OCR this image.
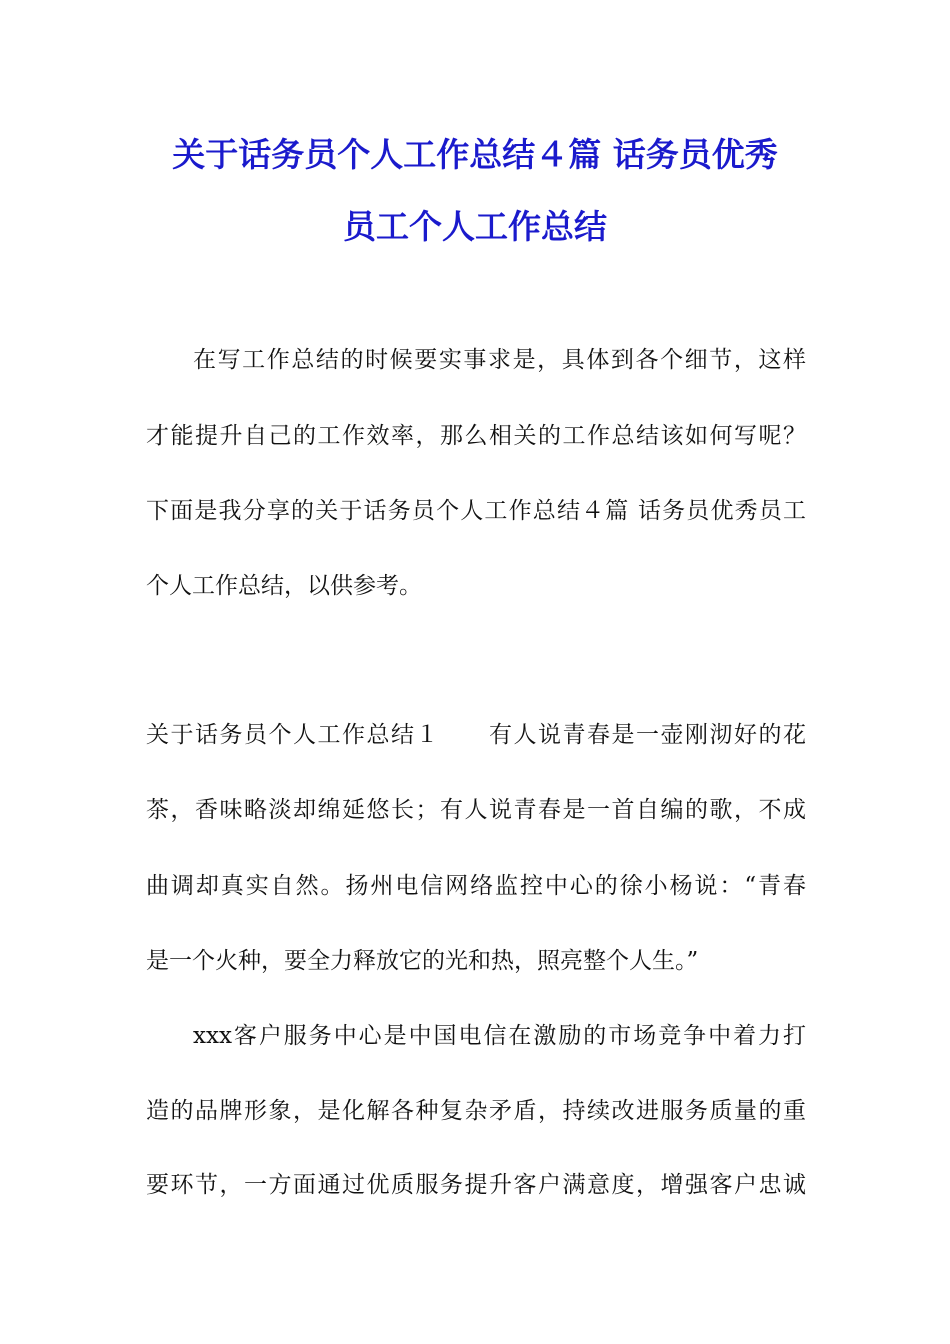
关于话务员个人工作总结４篇 话务员优秀
员工个人工作总结
在写工作总结的时候要实事求是，具体到各个细节，这样
才能提升自己的工作效率，那么相关的工作总结该如何写呢？
下面是我分享的关于话务员个人工作总结４篇 话务员优秀员工
个人工作总结，以供参考。
关于话务员个人工作总结１　　有人说青春是一壶刚沏好的花
茶，香味略淡却绵延悠长；有人说青春是一首自编的歌，不成
曲调却真实自然。扬州电信网络监控中心的徐小杨说：“青春
是一个火种，要全力释放它的光和热，照亮整个人生。”
xxx客户服务中心是中国电信在激励的市场竞争中着力打
造的品牌形象，是化解各种复杂矛盾，持续改进服务质量的重
要环节，一方面通过优质服务提升客户满意度，增强客户忠诚
